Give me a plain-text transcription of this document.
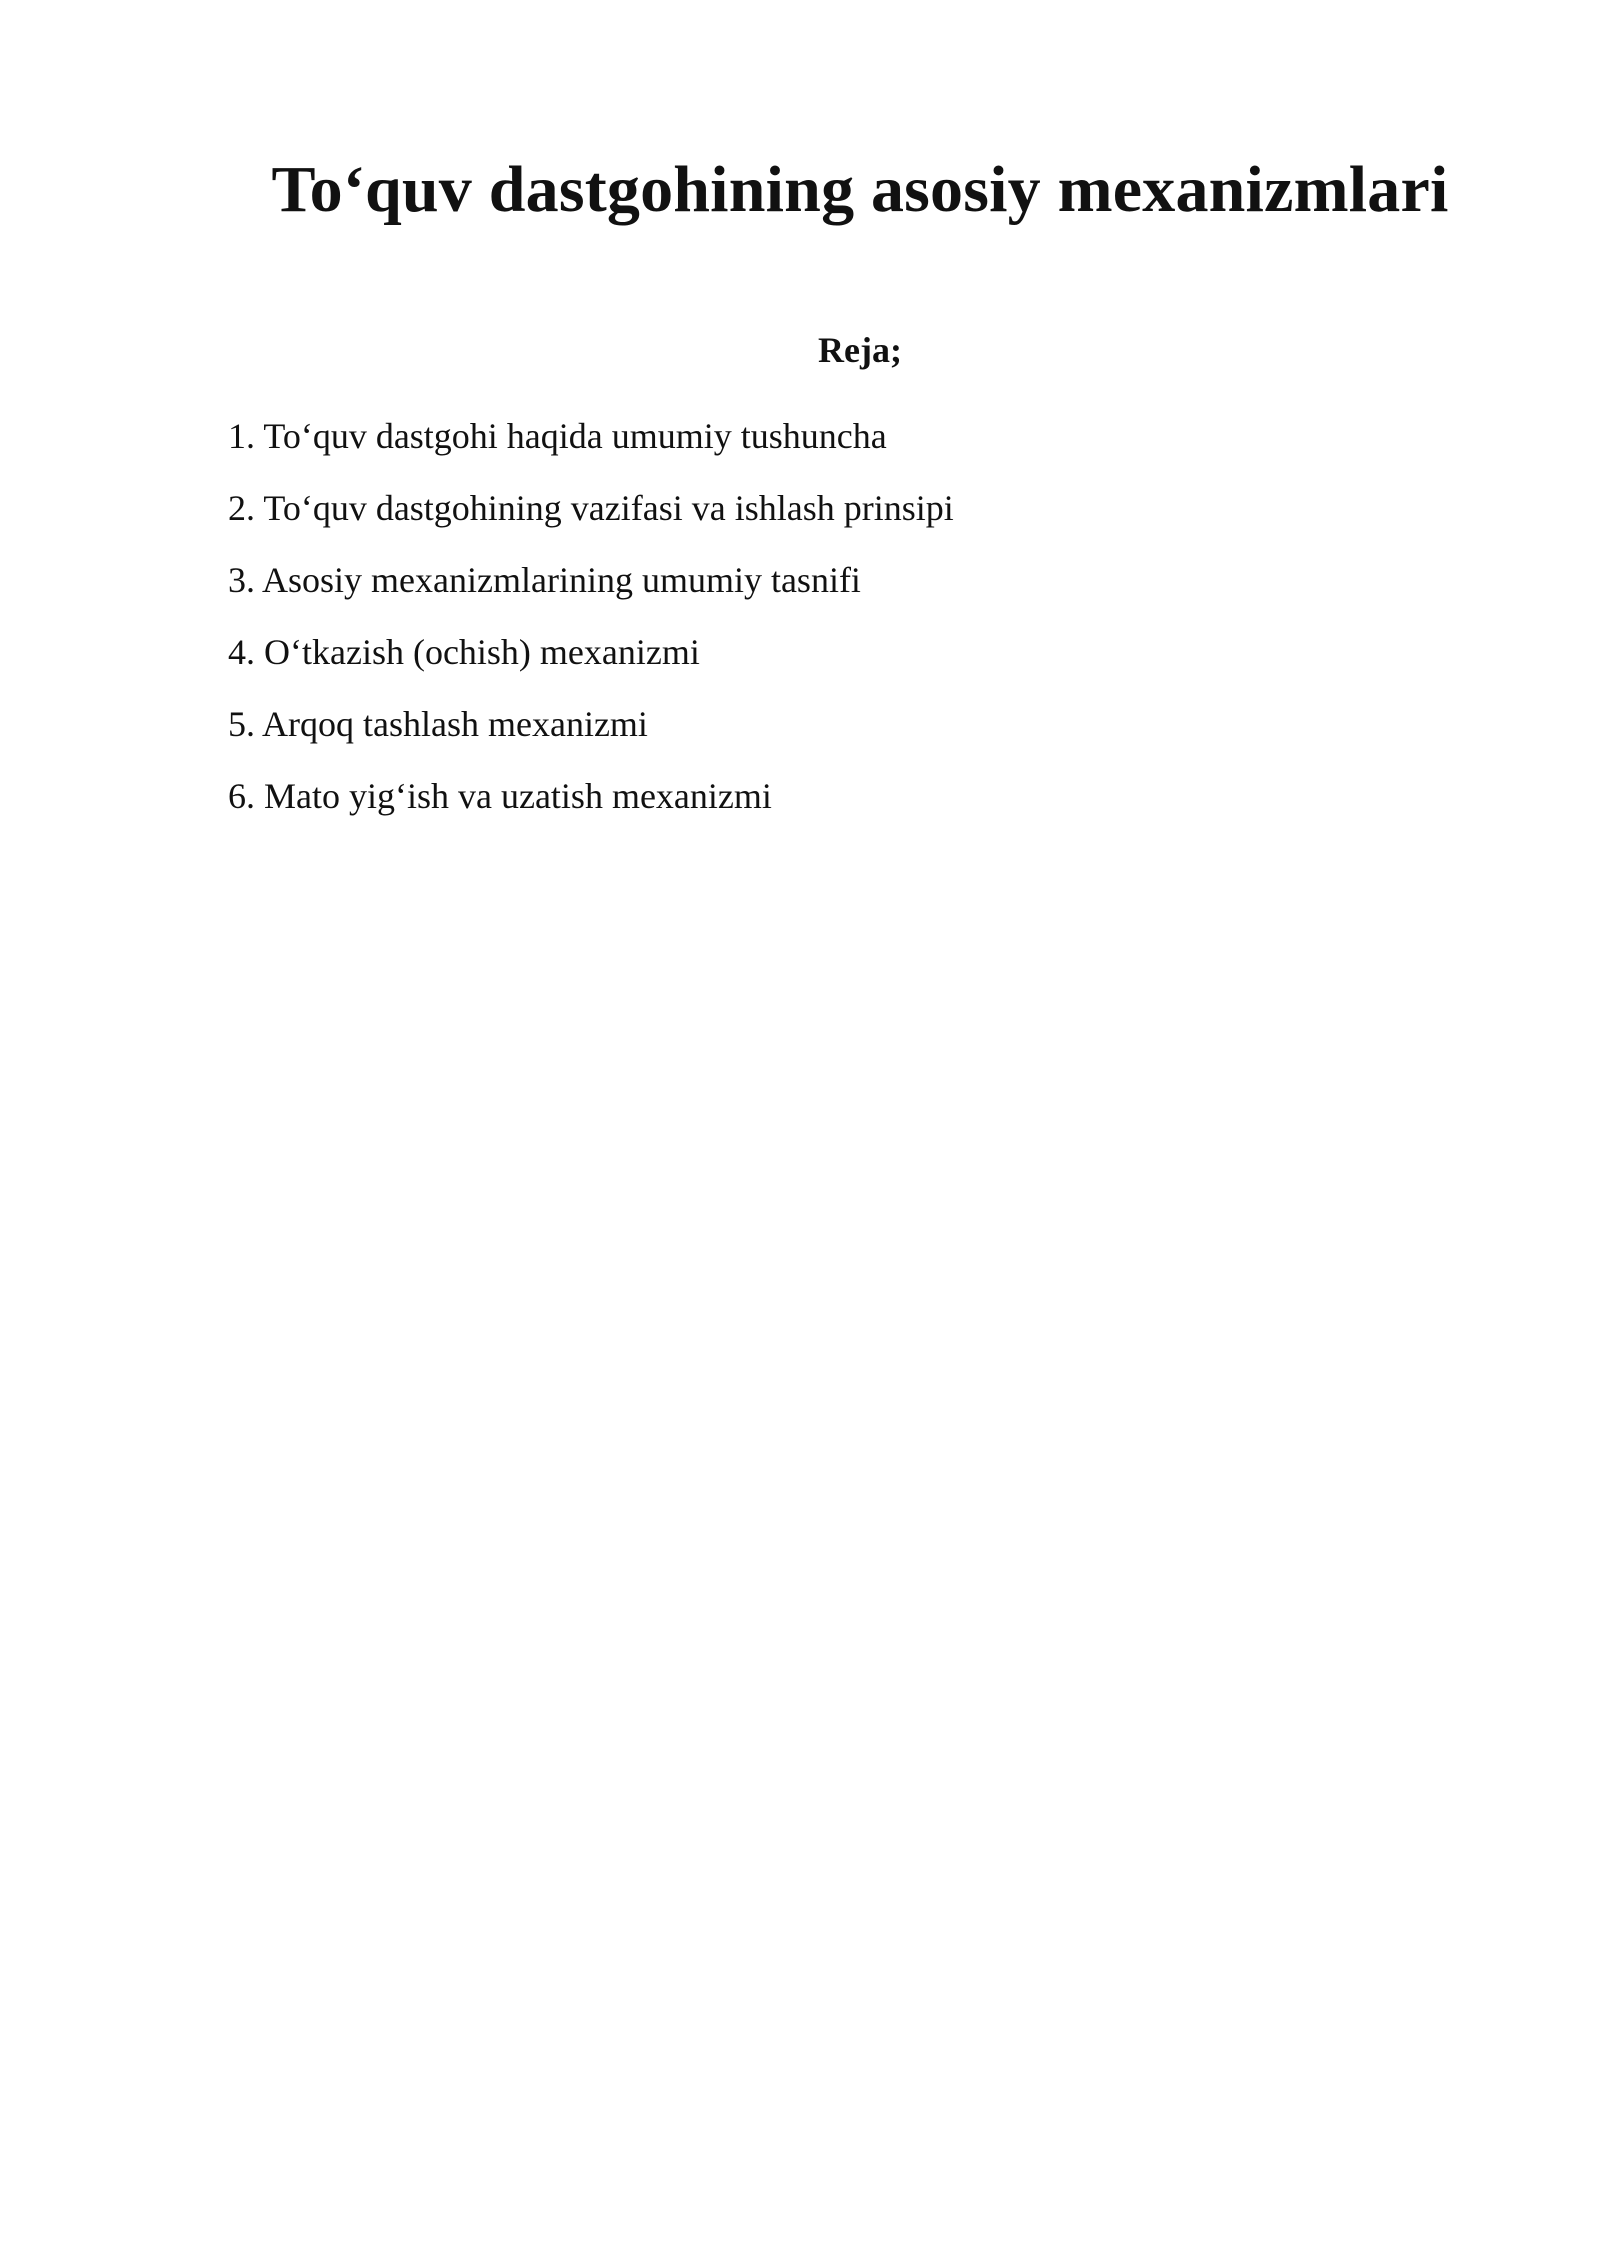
To‘quv dastgohining asosiy mexanizmlari
Reja;
1. To‘quv dastgohi haqida umumiy tushuncha
2. To‘quv dastgohining vazifasi va ishlash prinsipi
3. Asosiy mexanizmlarining umumiy tasnifi
4. O‘tkazish (ochish) mexanizmi
5. Arqoq tashlash mexanizmi
6. Mato yig‘ish va uzatish mexanizmi
